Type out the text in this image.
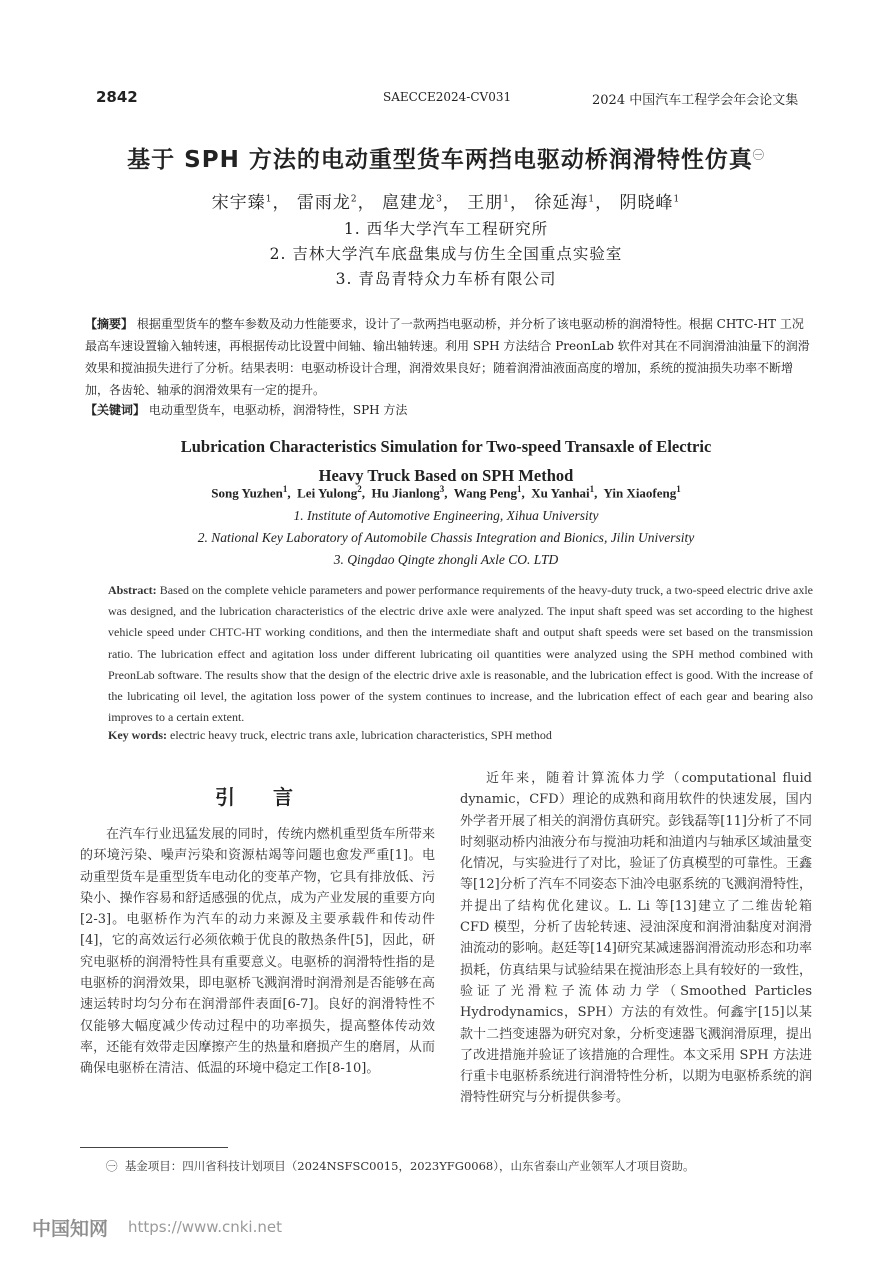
2842	SAECCE2024-CV031	2024 中国汽车工程学会年会论文集
基于 SPH 方法的电动重型货车两挡电驱动桥润滑特性仿真$^㊀$
宋宇臻$^1$， 雷雨龙$^2$， 扈建龙$^3$， 王朋$^1$， 徐延海$^1$， 阴晓峰$^1$
1. 西华大学汽车工程研究所
2. 吉林大学汽车底盘集成与仿生全国重点实验室
3. 青岛青特众力车桥有限公司
【摘要】 根据重型货车的整车参数及动力性能要求，设计了一款两挡电驱动桥，并分析了该电驱动桥的润滑特性。根据 CHTC-HT 工况最高车速设置输入轴转速，再根据传动比设置中间轴、输出轴转速。利用 SPH 方法结合 PreonLab 软件对其在不同润滑油油量下的润滑效果和搅油损失进行了分析。结果表明：电驱动桥设计合理，润滑效果良好；随着润滑油液面高度的增加，系统的搅油损失功率不断增加，各齿轮、轴承的润滑效果有一定的提升。
【关键词】 电动重型货车，电驱动桥，润滑特性，SPH 方法
Lubrication Characteristics Simulation for Two-speed Transaxle of Electric
Heavy Truck Based on SPH Method
Song Yuzhen$^1$,  Lei Yulong$^2$,  Hu Jianlong$^3$,  Wang Peng$^1$,  Xu Yanhai$^1$,  Yin Xiaofeng$^1$
1. Institute of Automotive Engineering, Xihua University
2. National Key Laboratory of Automobile Chassis Integration and Bionics, Jilin University
3. Qingdao Qingte zhongli Axle CO. LTD
Abstract: Based on the complete vehicle parameters and power performance requirements of the heavy-duty truck, a two-speed electric drive axle was designed, and the lubrication characteristics of the electric drive axle were analyzed. The input shaft speed was set according to the highest vehicle speed under CHTC-HT working conditions, and then the intermediate shaft and output shaft speeds were set based on the transmission ratio. The lubrication effect and agitation loss under different lubricating oil quantities were analyzed using the SPH method combined with PreonLab software. The results show that the design of the electric drive axle is reasonable, and the lubrication effect is good. With the increase of the lubricating oil level, the agitation loss power of the system continues to increase, and the lubrication effect of each gear and bearing also improves to a certain extent.
Key words: electric heavy truck, electric trans axle, lubrication characteristics, SPH method
引言

在汽车行业迅猛发展的同时，传统内燃机重型货车所带来的环境污染、噪声污染和资源枯竭等问题也愈发严重[1]。电动重型货车是重型货车电动化的变革产物，它具有排放低、污染小、操作容易和舒适感强的优点，成为产业发展的重要方向[2-3]。电驱桥作为汽车的动力来源及主要承载件和传动件[4]，它的高效运行必须依赖于优良的散热条件[5]，因此，研究电驱桥的润滑特性具有重要意义。电驱桥的润滑特性指的是电驱桥的润滑效果，即电驱桥飞溅润滑时润滑剂是否能够在高速运转时均匀分布在润滑部件表面[6-7]。良好的润滑特性不仅能够大幅度减少传动过程中的功率损失，提高整体传动效率，还能有效带走因摩擦产生的热量和磨损产生的磨屑，从而确保电驱桥在清洁、低温的环境中稳定工作[8-10]。

近年来，随着计算流体力学（computational fluid dynamic，CFD）理论的成熟和商用软件的快速发展，国内外学者开展了相关的润滑仿真研究。彭钱磊等[11]分析了不同时刻驱动桥内油液分布与搅油功耗和油道内与轴承区域油量变化情况，与实验进行了对比，验证了仿真模型的可靠性。王鑫等[12]分析了汽车不同姿态下油冷电驱系统的飞溅润滑特性，并提出了结构优化建议。L. Li 等[13]建立了二维齿轮箱 CFD 模型，分析了齿轮转速、浸油深度和润滑油黏度对润滑油流动的影响。赵廷等[14]研究某减速器润滑流动形态和功率损耗，仿真结果与试验结果在搅油形态上具有较好的一致性，验证了光滑粒子流体动力学（Smoothed Particles Hydrodynamics，SPH）方法的有效性。何鑫宇[15]以某款十二挡变速器为研究对象，分析变速器飞溅润滑原理，提出了改进措施并验证了该措施的合理性。本文采用 SPH 方法进行重卡电驱桥系统进行润滑特性分析，以期为电驱桥系统的润滑特性研究与分析提供参考。

㊀ 基金项目：四川省科技计划项目（2024NSFSC0015，2023YFG0068），山东省泰山产业领军人才项目资助。
中国知网 https://www.cnki.net
